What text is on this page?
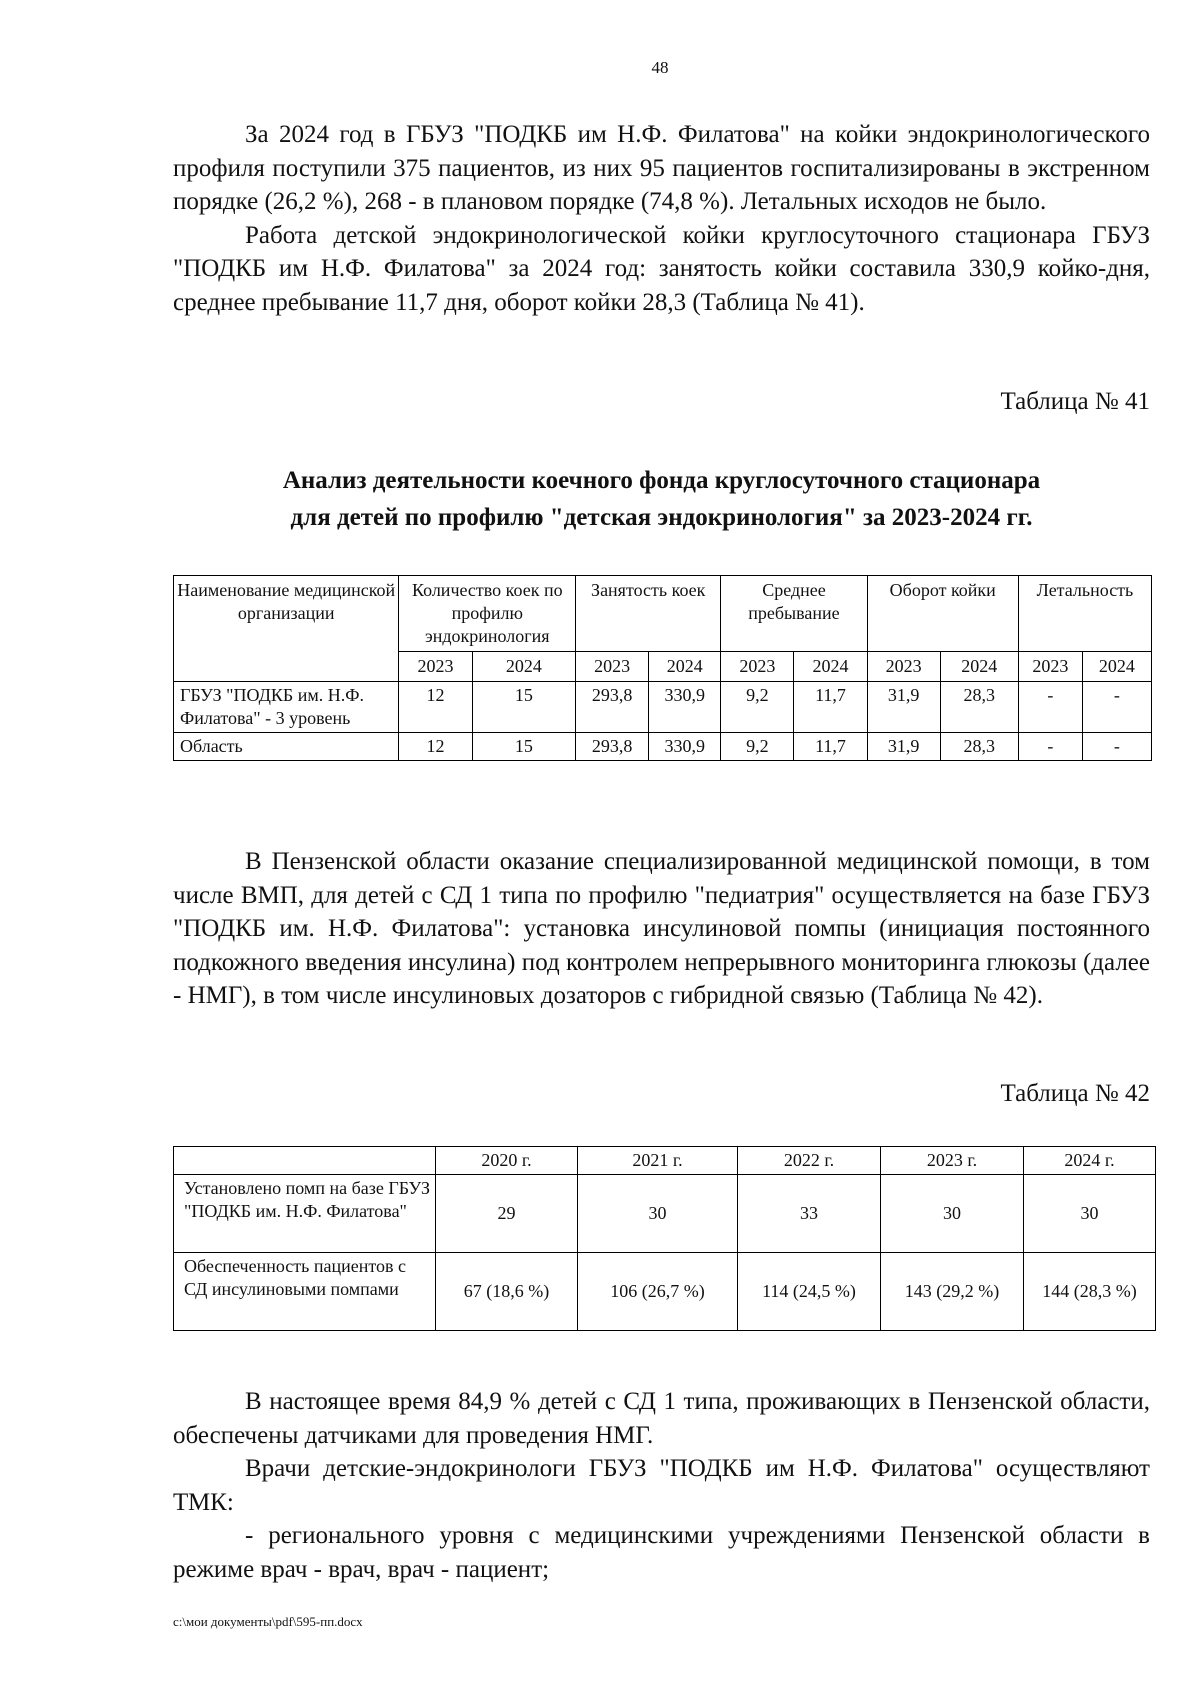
48

За 2024 год в ГБУЗ "ПОДКБ им Н.Ф. Филатова" на койки эндокринологического профиля поступили 375 пациентов, из них 95 пациентов госпитализированы в экстренном порядке (26,2 %), 268 - в плановом порядке (74,8 %). Летальных исходов не было.

Работа детской эндокринологической койки круглосуточного стационара ГБУЗ "ПОДКБ им Н.Ф. Филатова" за 2024 год: занятость койки составила 330,9 койко-дня, среднее пребывание 11,7 дня, оборот койки 28,3 (Таблица № 41).

Таблица № 41

Анализ деятельности коечного фонда круглосуточного стационара

для детей по профилю "детская эндокринология" за 2023-2024 гг.

Наименование медицинской организации	Количество коек по профилю эндокринология		Занятость коек		Среднее пребывание		Оборот койки		Летальность	
	2023	2024	2023	2024	2023	2024	2023	2024	2023	2024
ГБУЗ "ПОДКБ им. Н.Ф. Филатова" - 3 уровень	12	15	293,8	330,9	9,2	11,7	31,9	28,3	-	-
Область	12	15	293,8	330,9	9,2	11,7	31,9	28,3	-	-

В Пензенской области оказание специализированной медицинской помощи, в том числе ВМП, для детей с СД 1 типа по профилю "педиатрия" осуществляется на базе ГБУЗ "ПОДКБ им. Н.Ф. Филатова": установка инсулиновой помпы (инициация постоянного подкожного введения инсулина) под контролем непрерывного мониторинга глюкозы (далее - НМГ), в том числе инсулиновых дозаторов с гибридной связью (Таблица № 42).

Таблица № 42

	2020 г.	2021 г.	2022 г.	2023 г.	2024 г.
Установлено помп на базе ГБУЗ "ПОДКБ им. Н.Ф. Филатова"	29	30	33	30	30
Обеспеченность пациентов с СД инсулиновыми помпами	67 (18,6 %)	106 (26,7 %)	114 (24,5 %)	143 (29,2 %)	144 (28,3 %)

В настоящее время 84,9 % детей с СД 1 типа, проживающих в Пензенской области, обеспечены датчиками для проведения НМГ.

Врачи детские-эндокринологи ГБУЗ "ПОДКБ им Н.Ф. Филатова" осуществляют ТМК:

- регионального уровня с медицинскими учреждениями Пензенской области в режиме врач - врач, врач - пациент;

c:\мои документы\pdf\595-пп.docx
